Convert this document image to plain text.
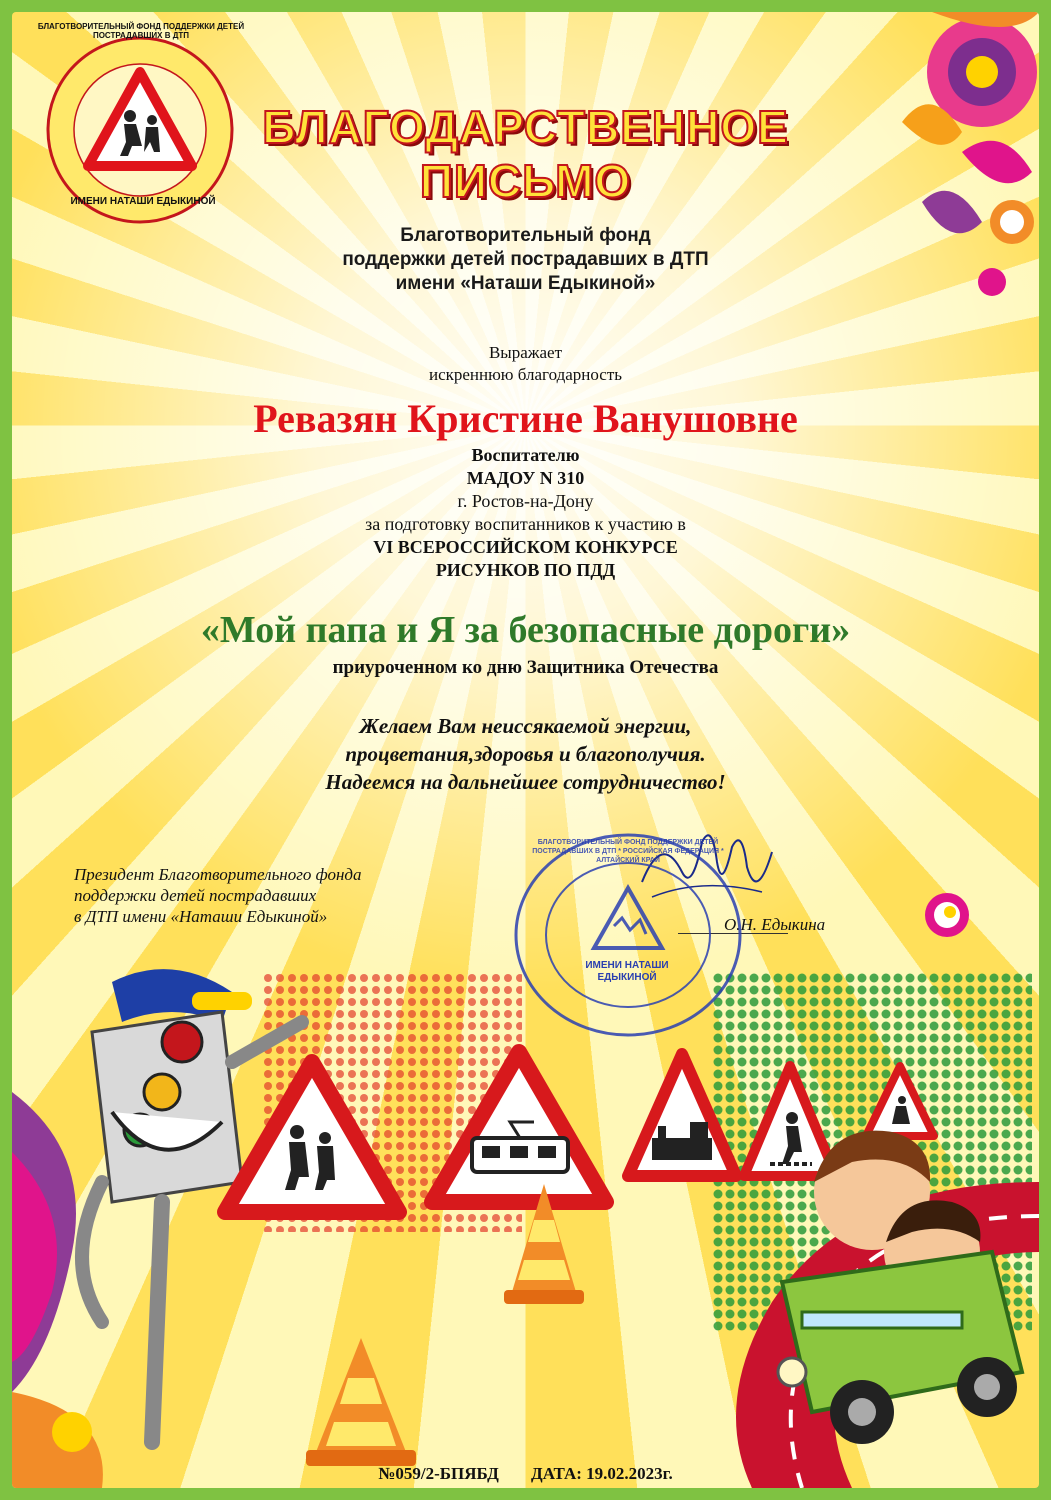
ИМЕНИ НАТАШИ ЕДЫКИНОЙ
БЛАГОТВОРИТЕЛЬНЫЙ ФОНД ПОДДЕРЖКИ ДЕТЕЙ ПОСТРАДАВШИХ В ДТП
БЛАГОДАРСТВЕННОЕ
ПИСЬМО
Благотворительный фонд
поддержки детей пострадавших в ДТП
имени «Наташи Едыкиной»
Выражает
искреннюю благодарность
Ревазян Кристине Ванушовне
Воспитателю
МАДОУ N 310
г. Ростов-на-Дону
за подготовку воспитанников к участию в
VI ВСЕРОССИЙСКОМ КОНКУРСЕ
РИСУНКОВ ПО ПДД
«Мой папа и Я за безопасные дороги»
приуроченном ко дню Защитника Отечества
Желаем Вам неиссякаемой энергии,
процветания,здоровья и благополучия.
Надеемся на дальнейшее сотрудничество!
Президент Благотворительного фонда
поддержки детей пострадавших
в ДТП имени «Наташи Едыкиной»	О.Н. Едыкина
ИМЕНИ НАТАШИ
ЕДЫКИНОЙ
БЛАГОТВОРИТЕЛЬНЫЙ ФОНД ПОДДЕРЖКИ ДЕТЕЙ ПОСТРАДАВШИХ В ДТП * РОССИЙСКАЯ ФЕДЕРАЦИЯ * АЛТАЙСКИЙ КРАЙ
№059/2-БПЯБД ДАТА: 19.02.2023г.
